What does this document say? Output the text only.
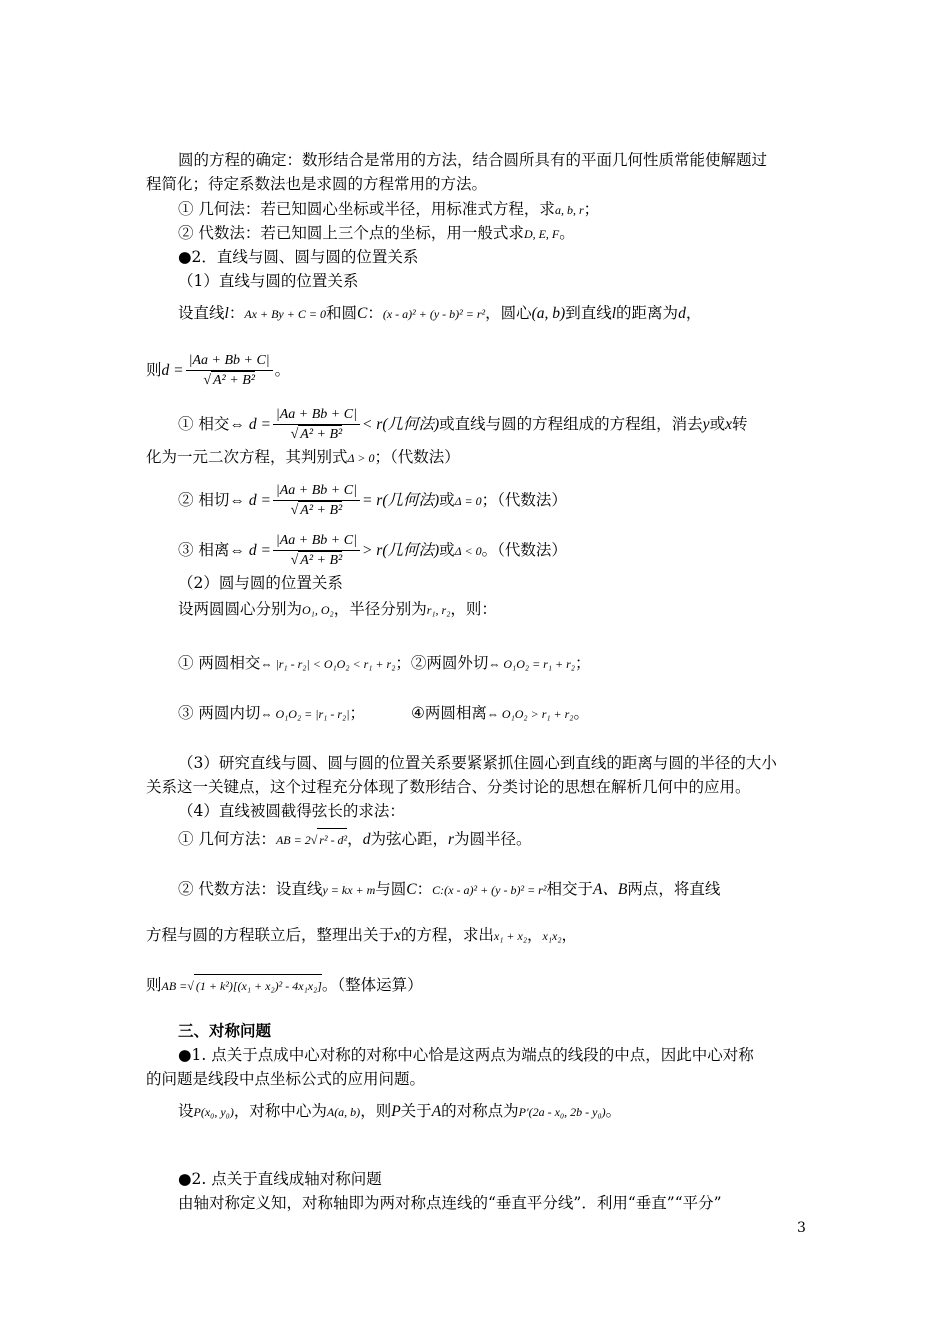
圆的方程的确定：数形结合是常用的方法，结合圆所具有的平面几何性质常能使解题过
程简化；待定系数法也是求圆的方程常用的方法。
① 几何法：若已知圆心坐标或半径，用标准式方程，求a, b, r；
② 代数法：若已知圆上三个点的坐标，用一般式求D, E, F。
●2．直线与圆、圆与圆的位置关系
（1）直线与圆的位置关系
设直线l：Ax + By + C = 0和圆C：(x - a)² + (y - b)² = r²，圆心(a, b)到直线l的距离为d，
则$d = \frac{|Aa + Bb + C|}{\text{√ A² + B²}}$ 。
① 相交⇔ $d = \frac{|Aa + Bb + C|}{\text{√ A² + B²}} < r$(几何法)或直线与圆的方程组成的方程组，消去y或x转
化为一元二次方程，其判别式Δ > 0；（代数法）
② 相切⇔ $d = \frac{|Aa + Bb + C|}{\text{√ A² + B²}} = r$(几何法)或Δ = 0；（代数法）
③ 相离⇔ $d = \frac{|Aa + Bb + C|}{\text{√ A² + B²}} > r$(几何法)或Δ < 0。（代数法）
（2）圆与圆的位置关系
设两圆圆心分别为O₁, O₂，半径分别为r₁, r₂，则：
① 两圆相交⇔ |r₁ - r₂| < O₁O₂ < r₁ + r₂；②两圆外切⇔ O₁O₂ = r₁ + r₂；
③ 两圆内切⇔ O₁O₂ = |r₁ - r₂|；	④两圆相离⇔ O₁O₂ > r₁ + r₂。
（3）研究直线与圆、圆与圆的位置关系要紧紧抓住圆心到直线的距离与圆的半径的大小
关系这一关键点，这个过程充分体现了数形结合、分类讨论的思想在解析几何中的应用。
（4）直线被圆截得弦长的求法：
① 几何方法：AB = 2√ r² - d²，d为弦心距，r为圆半径。
② 代数方法：设直线y = kx + m与圆C：C:(x - a)² + (y - b)² = r²相交于A、B两点，将直线
方程与圆的方程联立后，整理出关于x的方程，求出x₁ + x₂，x₁x₂，
则AB =√ (1 + k²)[(x₁ + x₂)² - 4x₁x₂]。（整体运算）
三、对称问题
●1. 点关于点成中心对称的对称中心恰是这两点为端点的线段的中点，因此中心对称
的问题是线段中点坐标公式的应用问题。
设P(x₀, y₀)，对称中心为A(a, b)，则P关于A的对称点为P′(2a - x₀, 2b - y₀)。
●2. 点关于直线成轴对称问题
由轴对称定义知，对称轴即为两对称点连线的“垂直平分线”．利用“垂直”“平分”
3
